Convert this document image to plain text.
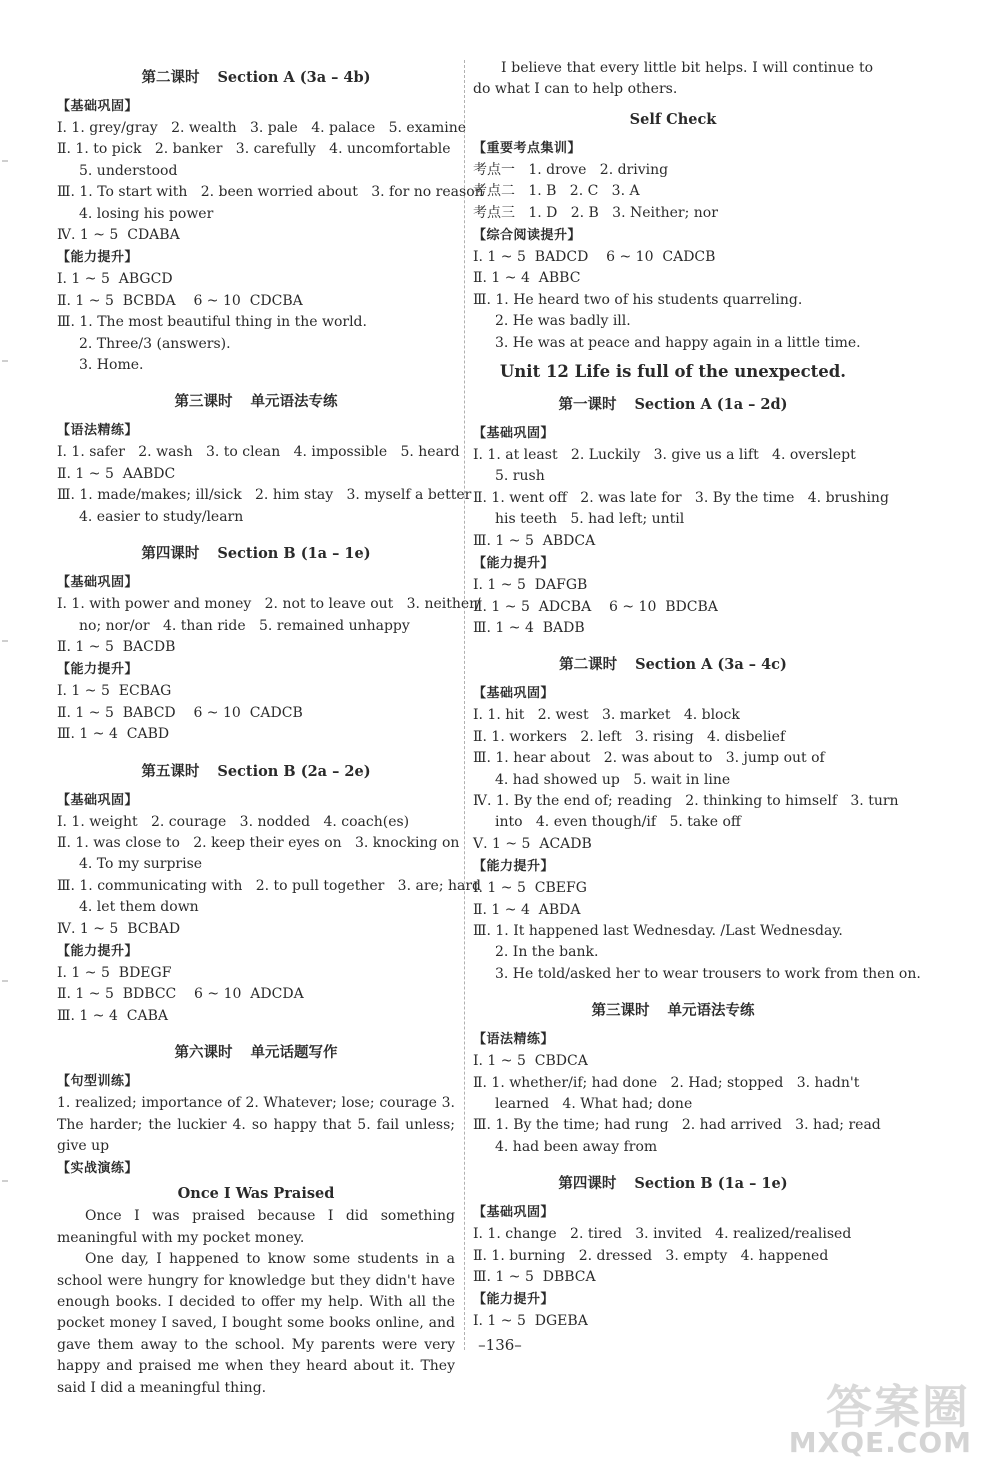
第二课时 Section A (3a – 4b)
【基础巩固】
Ⅰ. 1. grey/gray   2. wealth   3. pale   4. palace   5. examine
Ⅱ. 1. to pick   2. banker   3. carefully   4. uncomfortable
5. understood
Ⅲ. 1. To start with   2. been worried about   3. for no reason
4. losing his power
Ⅳ. 1 ~ 5  CDABA
【能力提升】
Ⅰ. 1 ~ 5  ABGCD
Ⅱ. 1 ~ 5  BCBDA    6 ~ 10  CDCBA
Ⅲ. 1. The most beautiful thing in the world.
2. Three/3 (answers).
3. Home.
第三课时 单元语法专练
【语法精练】
Ⅰ. 1. safer   2. wash   3. to clean   4. impossible   5. heard
Ⅱ. 1 ~ 5  AABDC
Ⅲ. 1. made/makes; ill/sick   2. him stay   3. myself a better
4. easier to study/learn
第四课时 Section B (1a – 1e)
【基础巩固】
Ⅰ. 1. with power and money   2. not to leave out   3. neither/
no; nor/or   4. than ride   5. remained unhappy
Ⅱ. 1 ~ 5  BACDB
【能力提升】
Ⅰ. 1 ~ 5  ECBAG
Ⅱ. 1 ~ 5  BABCD    6 ~ 10  CADCB
Ⅲ. 1 ~ 4  CABD
第五课时 Section B (2a – 2e)
【基础巩固】
Ⅰ. 1. weight   2. courage   3. nodded   4. coach(es)
Ⅱ. 1. was close to   2. keep their eyes on   3. knocking on
4. To my surprise
Ⅲ. 1. communicating with   2. to pull together   3. are; hard
4. let them down
Ⅳ. 1 ~ 5  BCBAD
【能力提升】
Ⅰ. 1 ~ 5  BDEGF
Ⅱ. 1 ~ 5  BDBCC    6 ~ 10  ADCDA
Ⅲ. 1 ~ 4  CABA
第六课时 单元话题写作
【句型训练】
1. realized; importance of 2. Whatever; lose; courage 3. The harder; the luckier 4. so happy that 5. fail unless; give up
【实战演练】
Once I Was Praised
Once I was praised because I did something meaningful with my pocket money.
One day, I happened to know some students in a school were hungry for knowledge but they didn't have enough books. I decided to offer my help. With all the pocket money I saved, I bought some books online, and gave them away to the school. My parents were very happy and praised me when they heard about it. They said I did a meaningful thing.
I believe that every little bit helps. I will continue to do what I can to help others.
Self Check
【重要考点集训】
考点一   1. drove   2. driving
考点二   1. B   2. C   3. A
考点三   1. D   2. B   3. Neither; nor
【综合阅读提升】
Ⅰ. 1 ~ 5  BADCD    6 ~ 10  CADCB
Ⅱ. 1 ~ 4  ABBC
Ⅲ. 1. He heard two of his students quarreling.
2. He was badly ill.
3. He was at peace and happy again in a little time.
Unit 12 Life is full of the unexpected.
第一课时 Section A (1a – 2d)
【基础巩固】
Ⅰ. 1. at least   2. Luckily   3. give us a lift   4. overslept
5. rush
Ⅱ. 1. went off   2. was late for   3. By the time   4. brushing
his teeth   5. had left; until
Ⅲ. 1 ~ 5  ABDCA
【能力提升】
Ⅰ. 1 ~ 5  DAFGB
Ⅱ. 1 ~ 5  ADCBA    6 ~ 10  BDCBA
Ⅲ. 1 ~ 4  BADB
第二课时 Section A (3a – 4c)
【基础巩固】
Ⅰ. 1. hit   2. west   3. market   4. block
Ⅱ. 1. workers   2. left   3. rising   4. disbelief
Ⅲ. 1. hear about   2. was about to   3. jump out of
4. had showed up   5. wait in line
Ⅳ. 1. By the end of; reading   2. thinking to himself   3. turn
into   4. even though/if   5. take off
Ⅴ. 1 ~ 5  ACADB
【能力提升】
Ⅰ. 1 ~ 5  CBEFG
Ⅱ. 1 ~ 4  ABDA
Ⅲ. 1. It happened last Wednesday. /Last Wednesday.
2. In the bank.
3. He told/asked her to wear trousers to work from then on.
第三课时 单元语法专练
【语法精练】
Ⅰ. 1 ~ 5  CBDCA
Ⅱ. 1. whether/if; had done   2. Had; stopped   3. hadn't
learned   4. What had; done
Ⅲ. 1. By the time; had rung   2. had arrived   3. had; read
4. had been away from
第四课时 Section B (1a – 1e)
【基础巩固】
Ⅰ. 1. change   2. tired   3. invited   4. realized/realised
Ⅱ. 1. burning   2. dressed   3. empty   4. happened
Ⅲ. 1 ~ 5  DBBCA
【能力提升】
Ⅰ. 1 ~ 5  DGEBA
–136–
答案圈
MXQE.COM
